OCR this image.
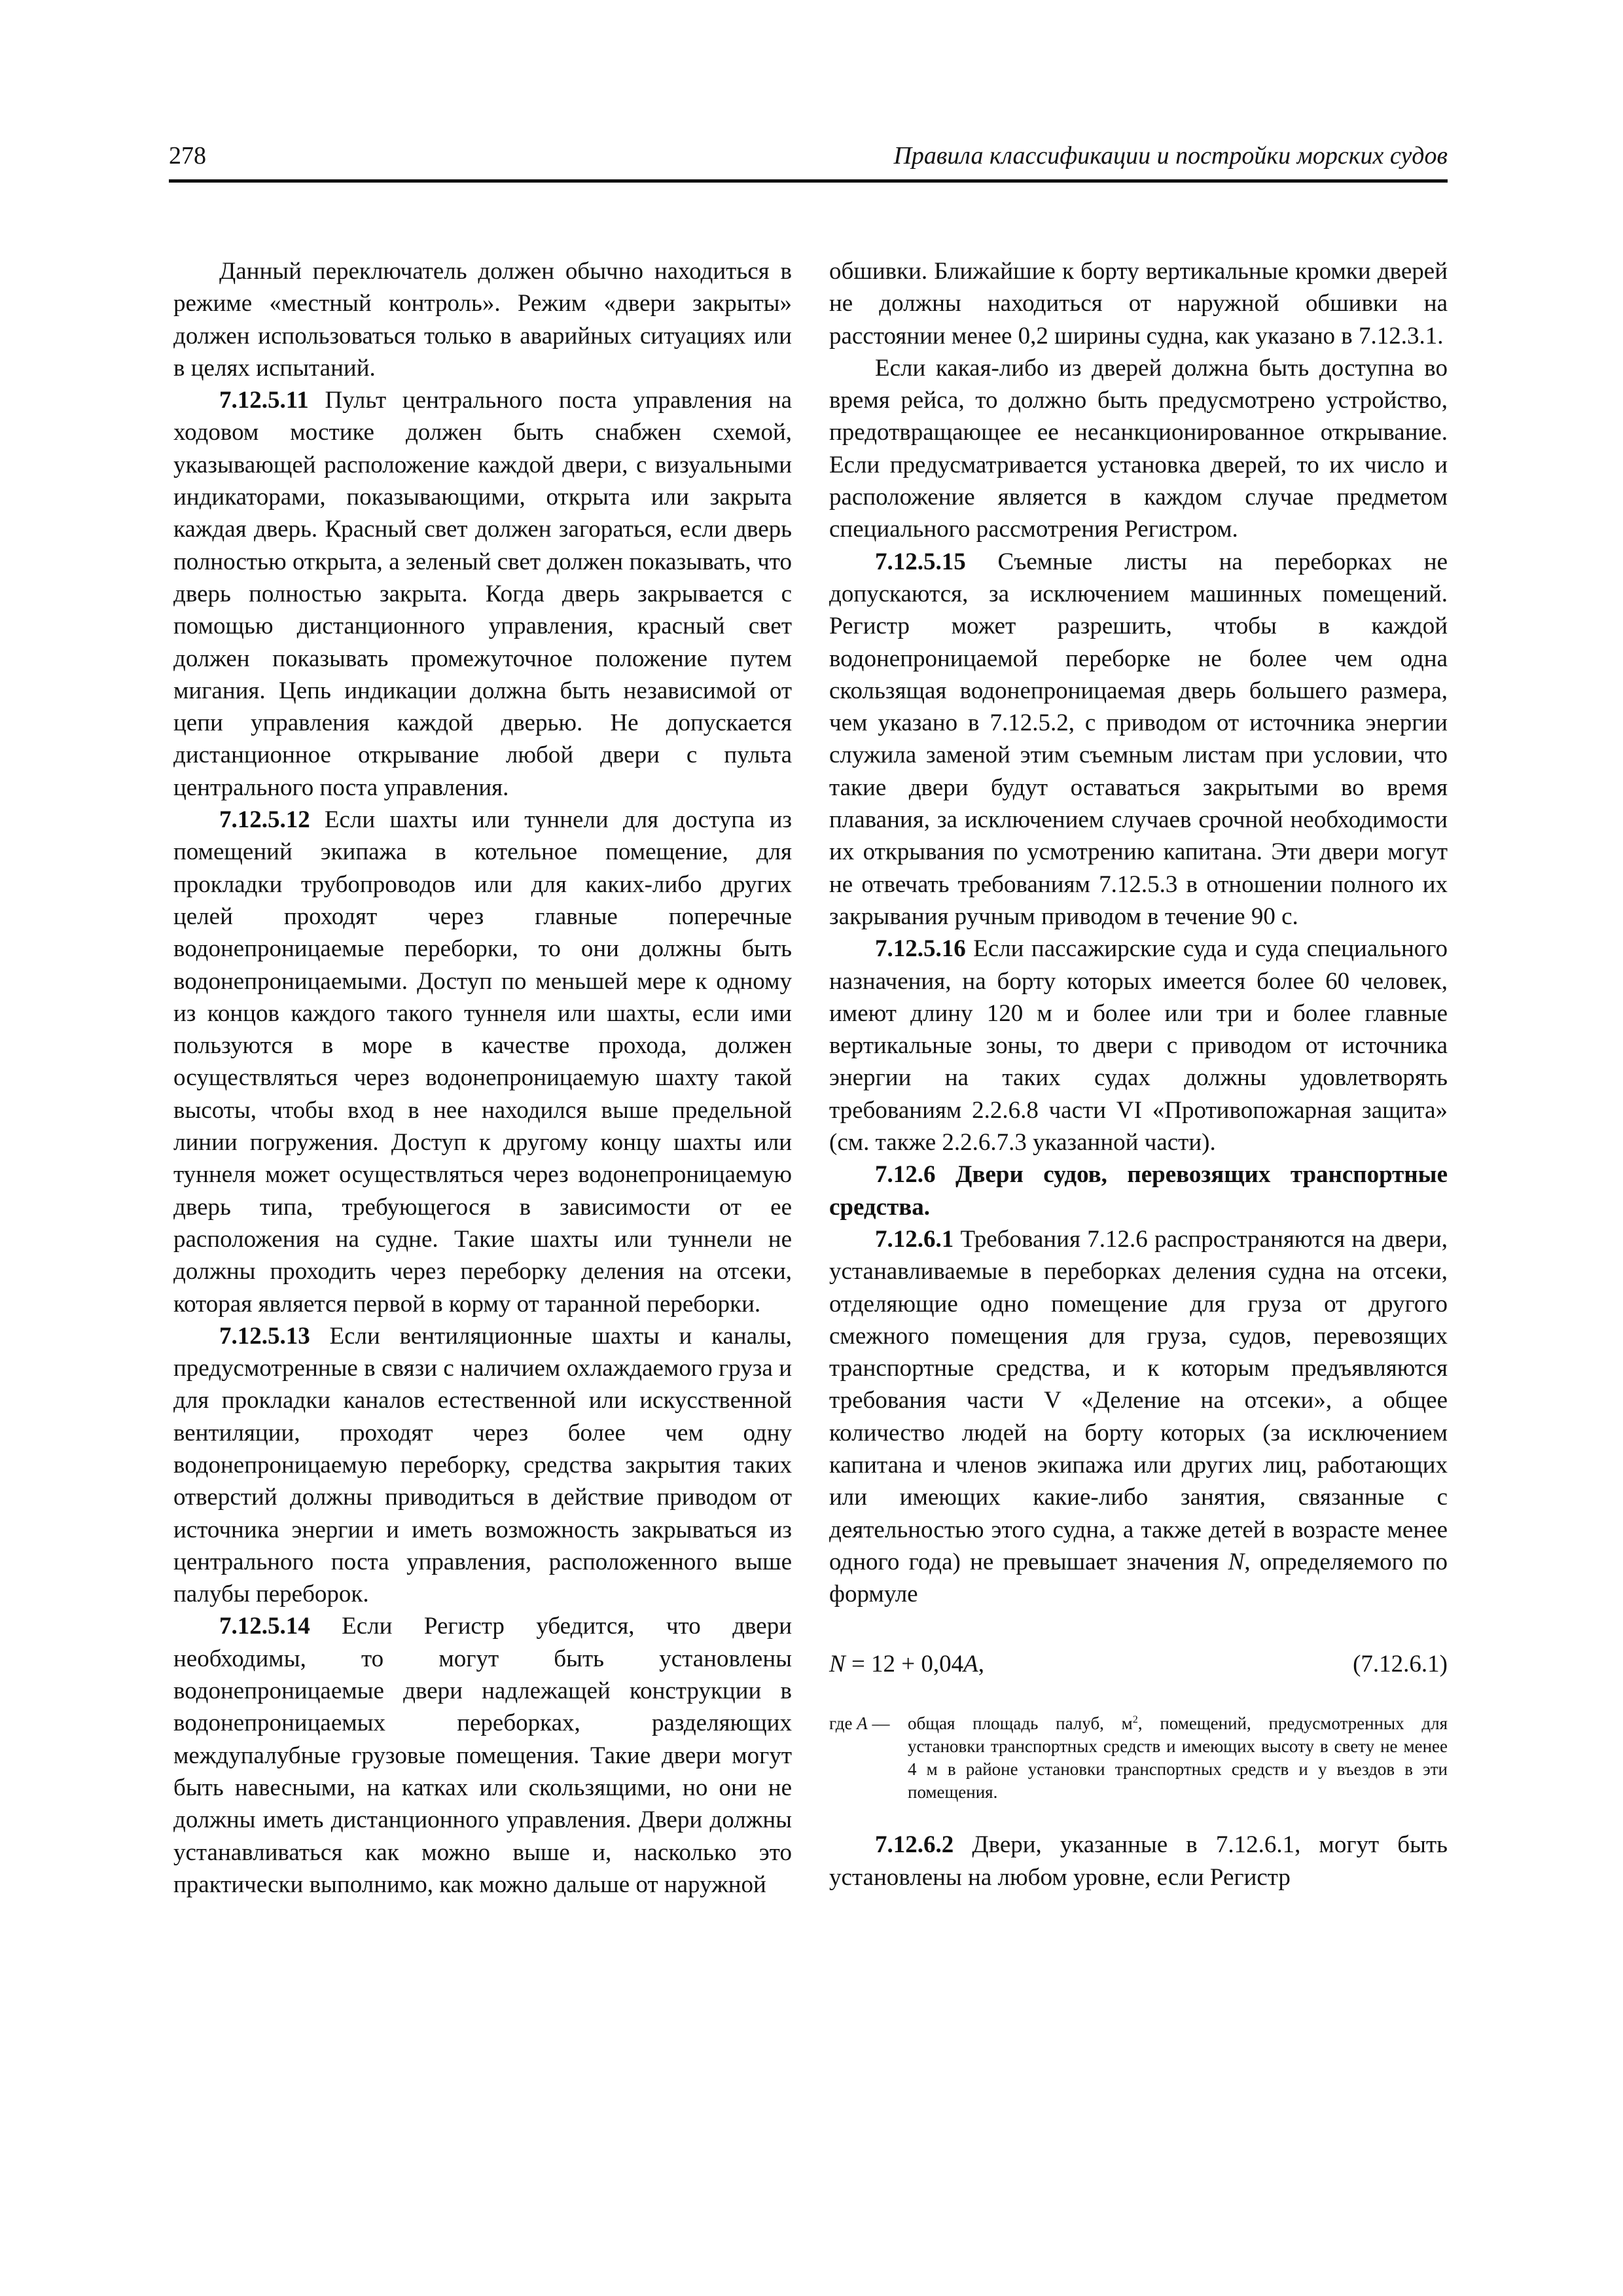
278	Правила классификации и постройки морских судов

Данный переключатель должен обычно находиться в режиме «местный контроль». Режим «двери закрыты» должен использоваться только в аварийных ситуациях или в целях испытаний.

7.12.5.11 Пульт центрального поста управления на ходовом мостике должен быть снабжен схемой, указывающей расположение каждой двери, с визуальными индикаторами, показывающими, открыта или закрыта каждая дверь. Красный свет должен загораться, если дверь полностью открыта, а зеленый свет должен показывать, что дверь полностью закрыта. Когда дверь закрывается с помощью дистанционного управления, красный свет должен показывать промежуточное положение путем мигания. Цепь индикации должна быть независимой от цепи управления каждой дверью. Не допускается дистанционное открывание любой двери с пульта центрального поста управления.

7.12.5.12 Если шахты или туннели для доступа из помещений экипажа в котельное помещение, для прокладки трубопроводов или для каких-либо других целей проходят через главные поперечные водонепроницаемые переборки, то они должны быть водонепроницаемыми. Доступ по меньшей мере к одному из концов каждого такого туннеля или шахты, если ими пользуются в море в качестве прохода, должен осуществляться через водонепроницаемую шахту такой высоты, чтобы вход в нее находился выше предельной линии погружения. Доступ к другому концу шахты или туннеля может осуществляться через водонепроницаемую дверь типа, требующегося в зависимости от ее расположения на судне. Такие шахты или туннели не должны проходить через переборку деления на отсеки, которая является первой в корму от таранной переборки.

7.12.5.13 Если вентиляционные шахты и каналы, предусмотренные в связи с наличием охлаждаемого груза и для прокладки каналов естественной или искусственной вентиляции, проходят через более чем одну водонепроницаемую переборку, средства закрытия таких отверстий должны приводиться в действие приводом от источника энергии и иметь возможность закрываться из центрального поста управления, расположенного выше палубы переборок.

7.12.5.14 Если Регистр убедится, что двери необходимы, то могут быть установлены водонепроницаемые двери надлежащей конструкции в водонепроницаемых переборках, разделяющих междупалубные грузовые помещения. Такие двери могут быть навесными, на катках или скользящими, но они не должны иметь дистанционного управления. Двери должны устанавливаться как можно выше и, насколько это практически выполнимо, как можно дальше от наружной

обшивки. Ближайшие к борту вертикальные кромки дверей не должны находиться от наружной обшивки на расстоянии менее 0,2 ширины судна, как указано в 7.12.3.1.

Если какая-либо из дверей должна быть доступна во время рейса, то должно быть предусмотрено устройство, предотвращающее ее несанкционированное открывание. Если предусматривается установка дверей, то их число и расположение является в каждом случае предметом специального рассмотрения Регистром.

7.12.5.15 Съемные листы на переборках не допускаются, за исключением машинных помещений. Регистр может разрешить, чтобы в каждой водонепроницаемой переборке не более чем одна скользящая водонепроницаемая дверь большего размера, чем указано в 7.12.5.2, с приводом от источника энергии служила заменой этим съемным листам при условии, что такие двери будут оставаться закрытыми во время плавания, за исключением случаев срочной необходимости их открывания по усмотрению капитана. Эти двери могут не отвечать требованиям 7.12.5.3 в отношении полного их закрывания ручным приводом в течение 90 с.

7.12.5.16 Если пассажирские суда и суда специального назначения, на борту которых имеется более 60 человек, имеют длину 120 м и более или три и более главные вертикальные зоны, то двери с приводом от источника энергии на таких судах должны удовлетворять требованиям 2.2.6.8 части VI «Противопожарная защита» (см. также 2.2.6.7.3 указанной части).

7.12.6 Двери судов, перевозящих транспортные средства.

7.12.6.1 Требования 7.12.6 распространяются на двери, устанавливаемые в переборках деления судна на отсеки, отделяющие одно помещение для груза от другого смежного помещения для груза, судов, перевозящих транспортные средства, и к которым предъявляются требования части V «Деление на отсеки», а общее количество людей на борту которых (за исключением капитана и членов экипажа или других лиц, работающих или имеющих какие-либо занятия, связанные с деятельностью этого судна, а также детей в возрасте менее одного года) не превышает значения N, определяемого по формуле

N = 12 + 0,04A,	(7.12.6.1)
где A —	общая площадь палуб, $м^2$, помещений, предусмотренных для установки транспортных средств и имеющих высоту в свету не менее 4 м в районе установки транспортных средств и у въездов в эти помещения.

7.12.6.2 Двери, указанные в 7.12.6.1, могут быть установлены на любом уровне, если Регистр
